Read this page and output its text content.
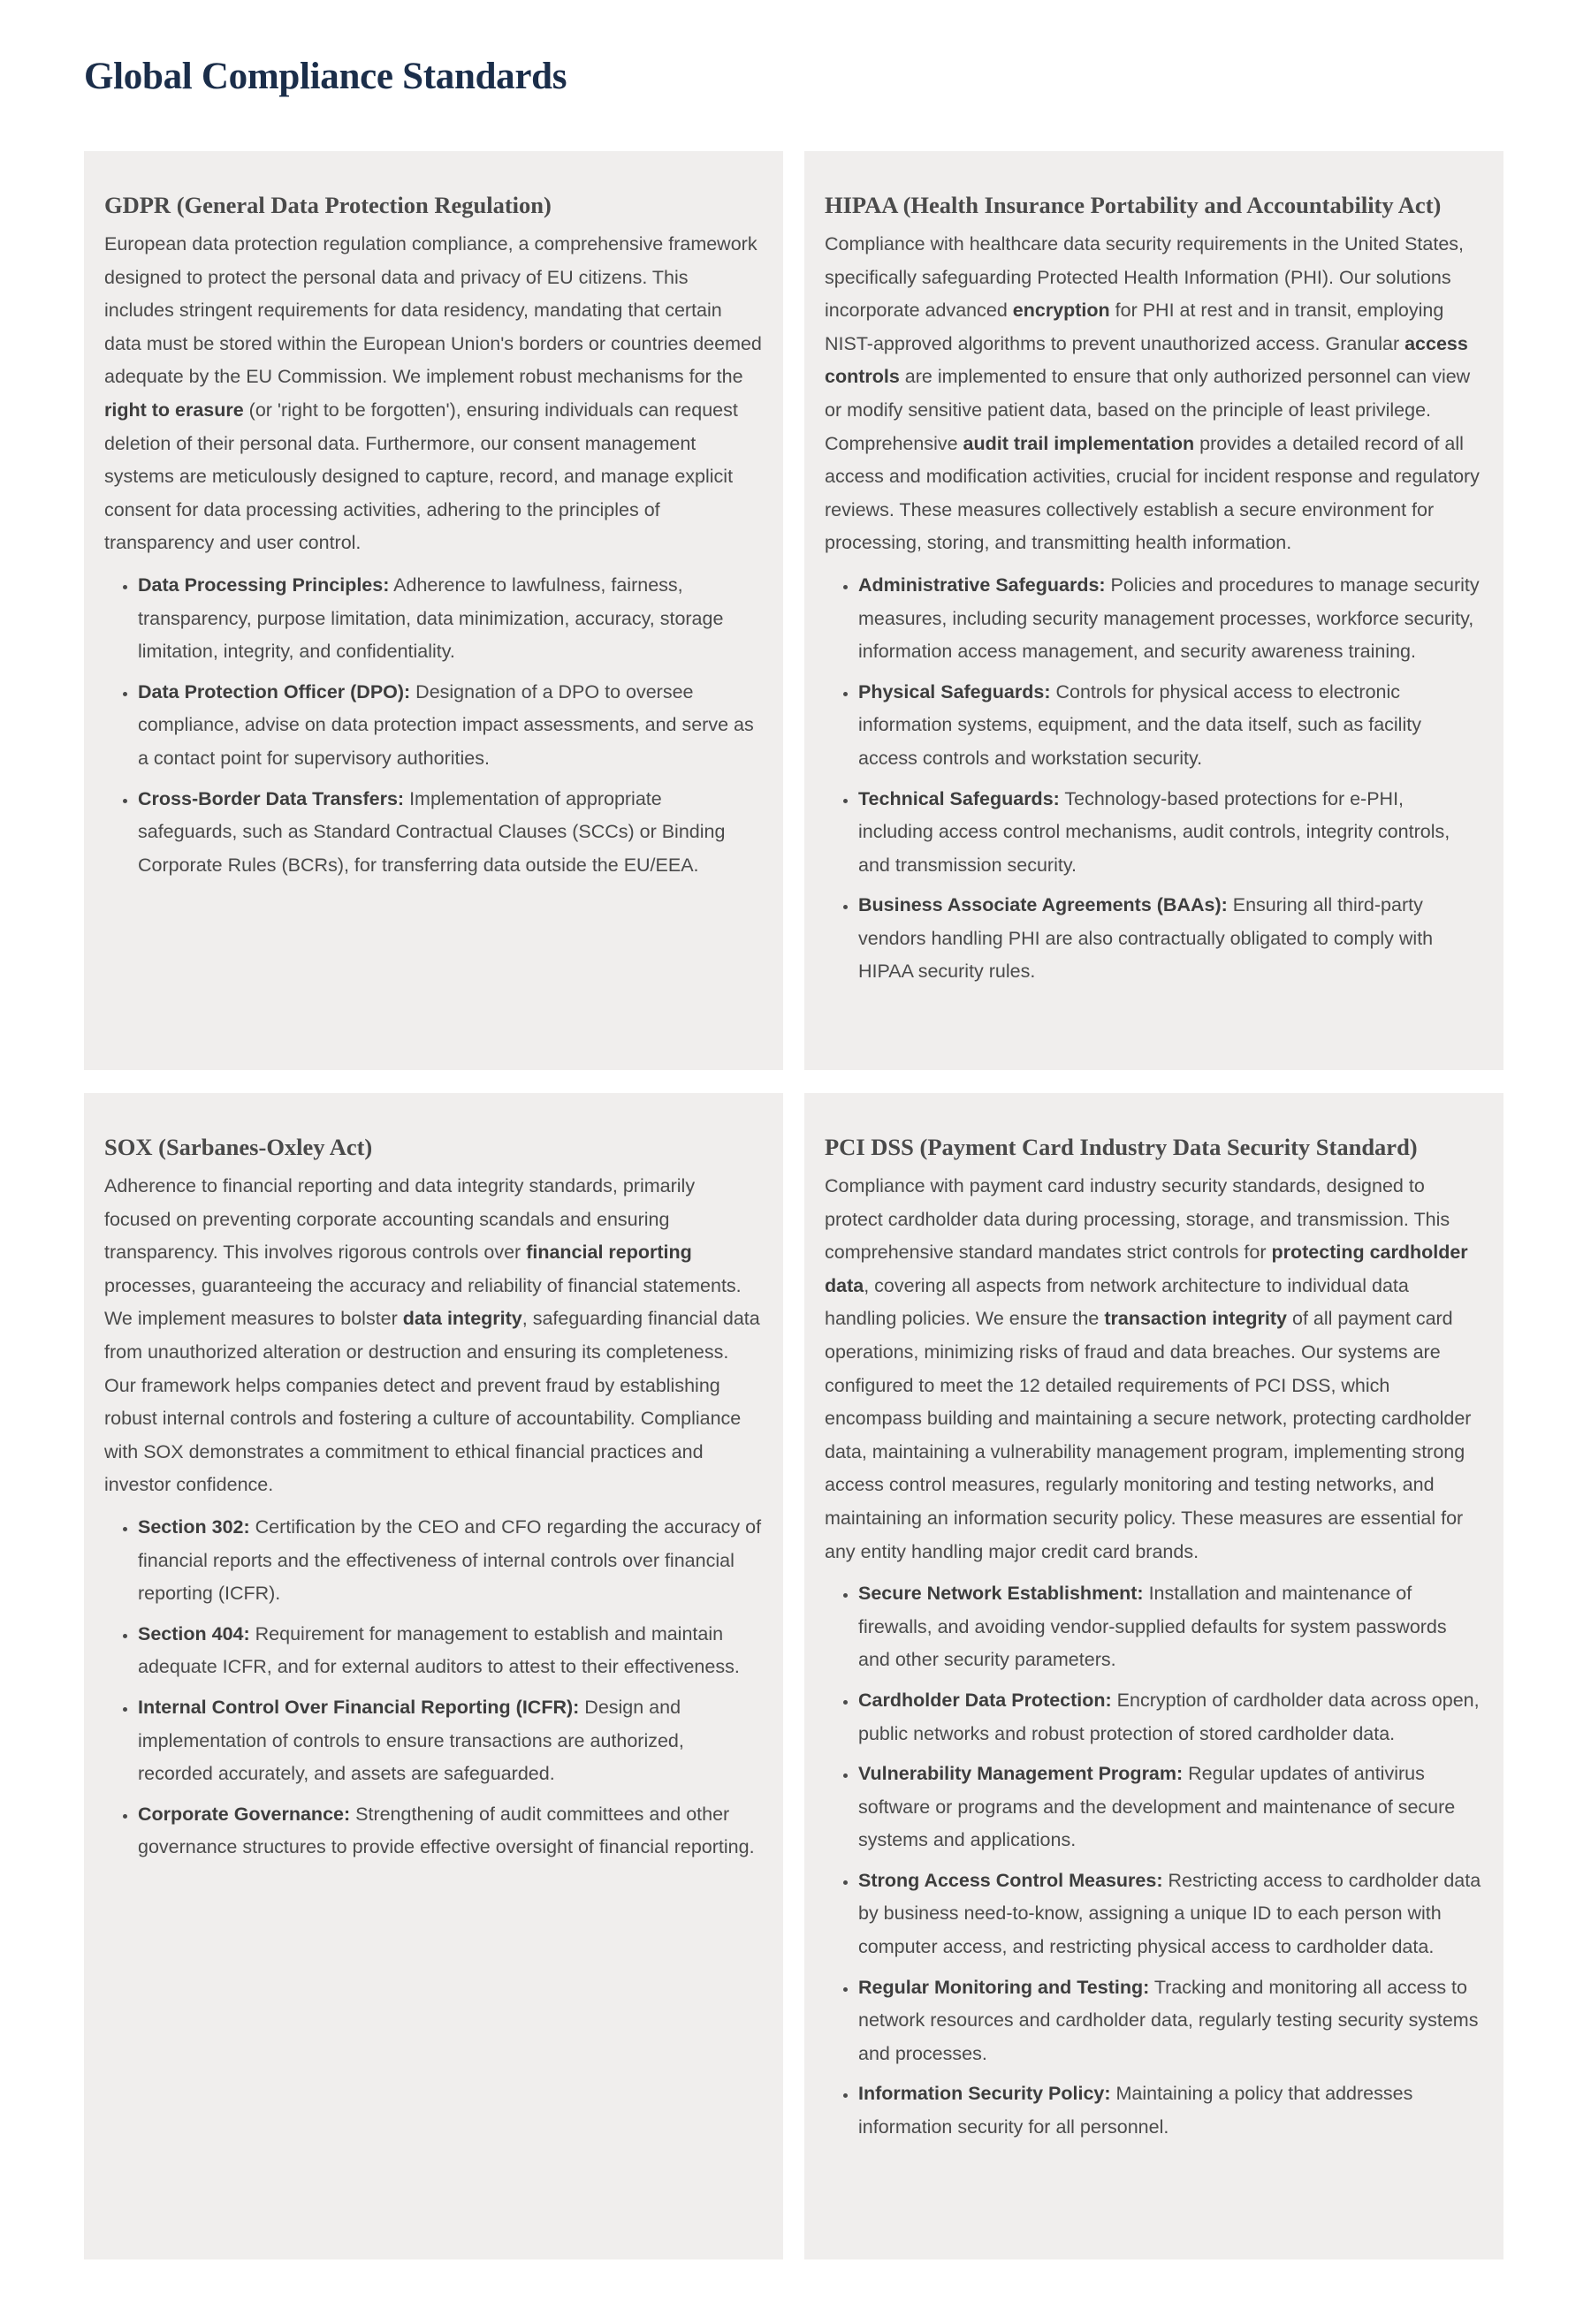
Global Compliance Standards
GDPR (General Data Protection Regulation)

European data protection regulation compliance, a comprehensive framework designed to protect the personal data and privacy of EU citizens. This includes stringent requirements for data residency, mandating that certain data must be stored within the European Union's borders or countries deemed adequate by the EU Commission. We implement robust mechanisms for the right to erasure (or 'right to be forgotten'), ensuring individuals can request deletion of their personal data. Furthermore, our consent management systems are meticulously designed to capture, record, and manage explicit consent for data processing activities, adhering to the principles of transparency and user control.

• Data Processing Principles: Adherence to lawfulness, fairness, transparency, purpose limitation, data minimization, accuracy, storage limitation, integrity, and confidentiality.
• Data Protection Officer (DPO): Designation of a DPO to oversee compliance, advise on data protection impact assessments, and serve as a contact point for supervisory authorities.
• Cross-Border Data Transfers: Implementation of appropriate safeguards, such as Standard Contractual Clauses (SCCs) or Binding Corporate Rules (BCRs), for transferring data outside the EU/EEA.
HIPAA (Health Insurance Portability and Accountability Act)

Compliance with healthcare data security requirements in the United States, specifically safeguarding Protected Health Information (PHI). Our solutions incorporate advanced encryption for PHI at rest and in transit, employing NIST-approved algorithms to prevent unauthorized access. Granular access controls are implemented to ensure that only authorized personnel can view or modify sensitive patient data, based on the principle of least privilege. Comprehensive audit trail implementation provides a detailed record of all access and modification activities, crucial for incident response and regulatory reviews. These measures collectively establish a secure environment for processing, storing, and transmitting health information.

• Administrative Safeguards: Policies and procedures to manage security measures, including security management processes, workforce security, information access management, and security awareness training.
• Physical Safeguards: Controls for physical access to electronic information systems, equipment, and the data itself, such as facility access controls and workstation security.
• Technical Safeguards: Technology-based protections for e-PHI, including access control mechanisms, audit controls, integrity controls, and transmission security.
• Business Associate Agreements (BAAs): Ensuring all third-party vendors handling PHI are also contractually obligated to comply with HIPAA security rules.
SOX (Sarbanes-Oxley Act)

Adherence to financial reporting and data integrity standards, primarily focused on preventing corporate accounting scandals and ensuring transparency. This involves rigorous controls over financial reporting processes, guaranteeing the accuracy and reliability of financial statements. We implement measures to bolster data integrity, safeguarding financial data from unauthorized alteration or destruction and ensuring its completeness. Our framework helps companies detect and prevent fraud by establishing robust internal controls and fostering a culture of accountability. Compliance with SOX demonstrates a commitment to ethical financial practices and investor confidence.

• Section 302: Certification by the CEO and CFO regarding the accuracy of financial reports and the effectiveness of internal controls over financial reporting (ICFR).
• Section 404: Requirement for management to establish and maintain adequate ICFR, and for external auditors to attest to their effectiveness.
• Internal Control Over Financial Reporting (ICFR): Design and implementation of controls to ensure transactions are authorized, recorded accurately, and assets are safeguarded.
• Corporate Governance: Strengthening of audit committees and other governance structures to provide effective oversight of financial reporting.
PCI DSS (Payment Card Industry Data Security Standard)

Compliance with payment card industry security standards, designed to protect cardholder data during processing, storage, and transmission. This comprehensive standard mandates strict controls for protecting cardholder data, covering all aspects from network architecture to individual data handling policies. We ensure the transaction integrity of all payment card operations, minimizing risks of fraud and data breaches. Our systems are configured to meet the 12 detailed requirements of PCI DSS, which encompass building and maintaining a secure network, protecting cardholder data, maintaining a vulnerability management program, implementing strong access control measures, regularly monitoring and testing networks, and maintaining an information security policy. These measures are essential for any entity handling major credit card brands.

• Secure Network Establishment: Installation and maintenance of firewalls, and avoiding vendor-supplied defaults for system passwords and other security parameters.
• Cardholder Data Protection: Encryption of cardholder data across open, public networks and robust protection of stored cardholder data.
• Vulnerability Management Program: Regular updates of antivirus software or programs and the development and maintenance of secure systems and applications.
• Strong Access Control Measures: Restricting access to cardholder data by business need-to-know, assigning a unique ID to each person with computer access, and restricting physical access to cardholder data.
• Regular Monitoring and Testing: Tracking and monitoring all access to network resources and cardholder data, regularly testing security systems and processes.
• Information Security Policy: Maintaining a policy that addresses information security for all personnel.
